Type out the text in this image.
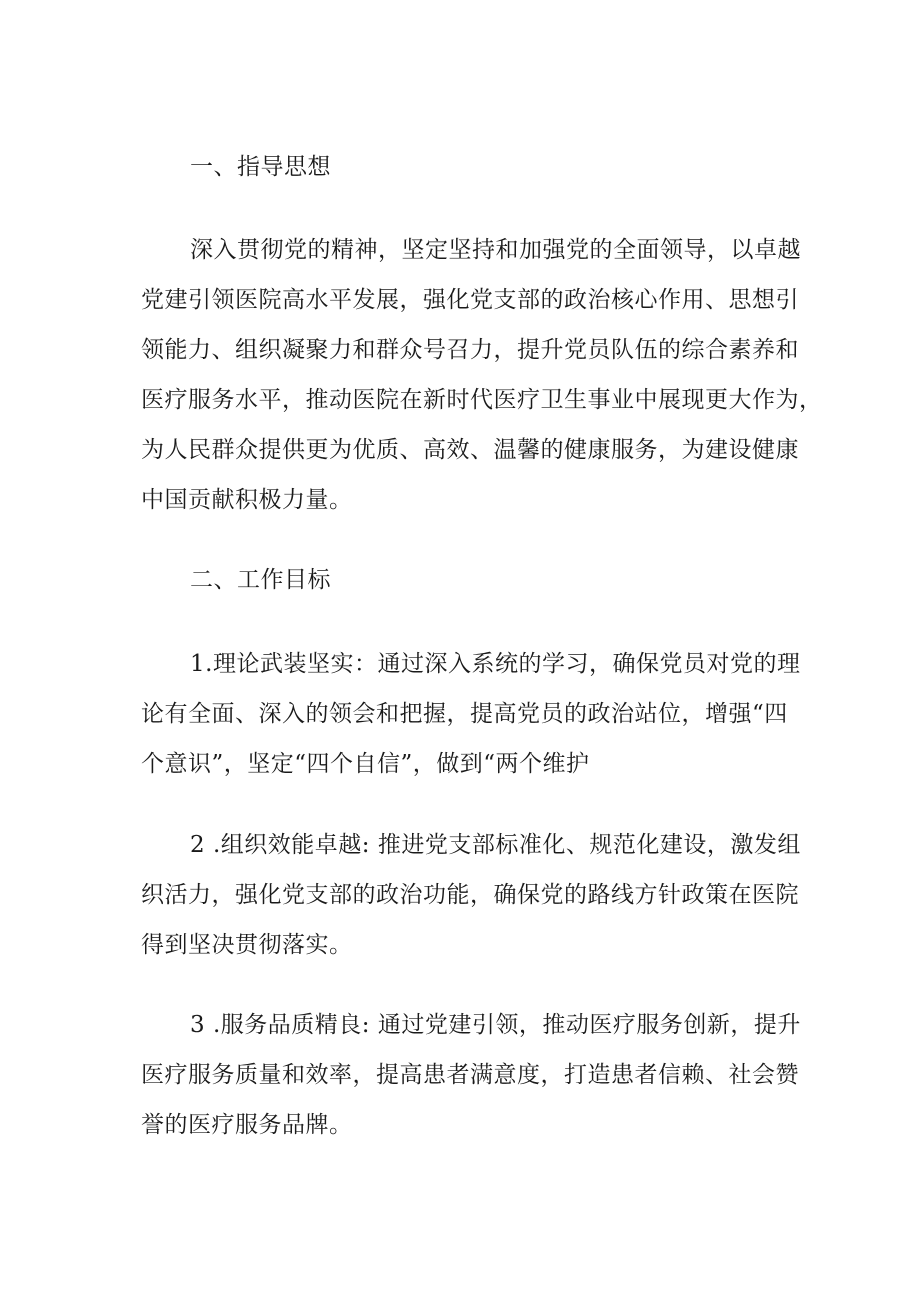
一、指导思想
深入贯彻党的精神，坚定坚持和加强党的全面领导，以卓越
党建引领医院高水平发展，强化党支部的政治核心作用、思想引
领能力、组织凝聚力和群众号召力，提升党员队伍的综合素养和
医疗服务水平，推动医院在新时代医疗卫生事业中展现更大作为，
为人民群众提供更为优质、高效、温馨的健康服务，为建设健康
中国贡献积极力量。
二、工作目标
1.理论武装坚实：通过深入系统的学习，确保党员对党的理
论有全面、深入的领会和把握，提高党员的政治站位，增强“四
个意识”，坚定“四个自信”，做到“两个维护
2 .组织效能卓越: 推进党支部标准化、规范化建设，激发组
织活力，强化党支部的政治功能，确保党的路线方针政策在医院
得到坚决贯彻落实。
3 .服务品质精良: 通过党建引领，推动医疗服务创新，提升
医疗服务质量和效率，提高患者满意度，打造患者信赖、社会赞
誉的医疗服务品牌。
